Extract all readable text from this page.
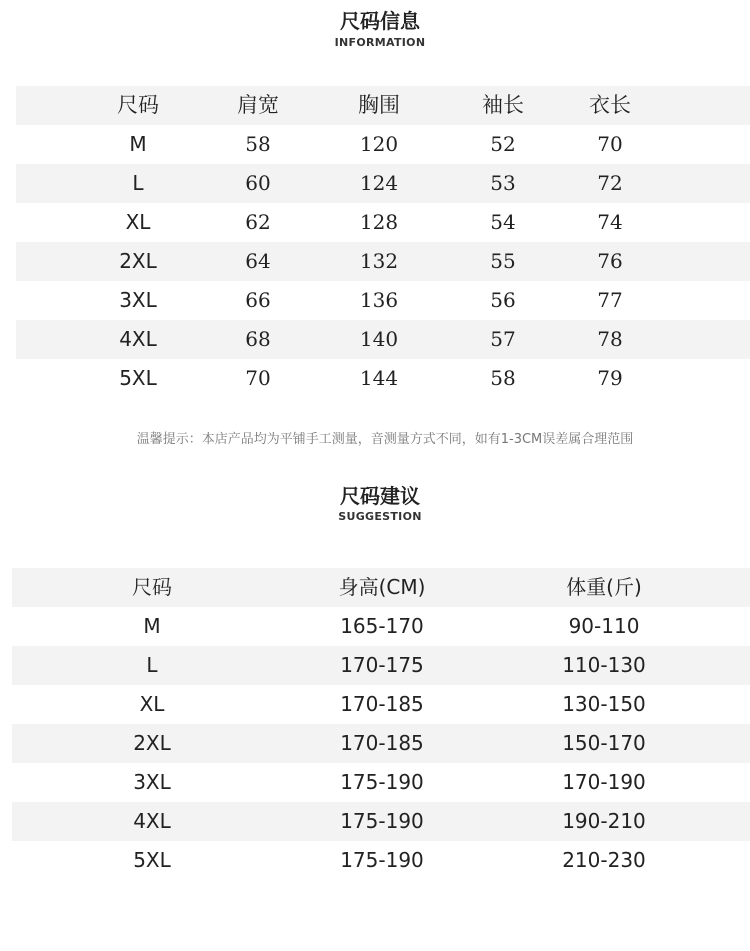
尺码信息
INFORMATION
尺码	肩宽	胸围	袖长	衣长
M	58	120	52	70
L	60	124	53	72
XL	62	128	54	74
2XL	64	132	55	76
3XL	66	136	56	77
4XL	68	140	57	78
5XL	70	144	58	79
温馨提示：本店产品均为平铺手工测量，音测量方式不同，如有1-3CM误差属合理范围
尺码建议
SUGGESTION
尺码	身高(CM)	体重(斤)
M	165-170	90-110
L	170-175	110-130
XL	170-185	130-150
2XL	170-185	150-170
3XL	175-190	170-190
4XL	175-190	190-210
5XL	175-190	210-230
